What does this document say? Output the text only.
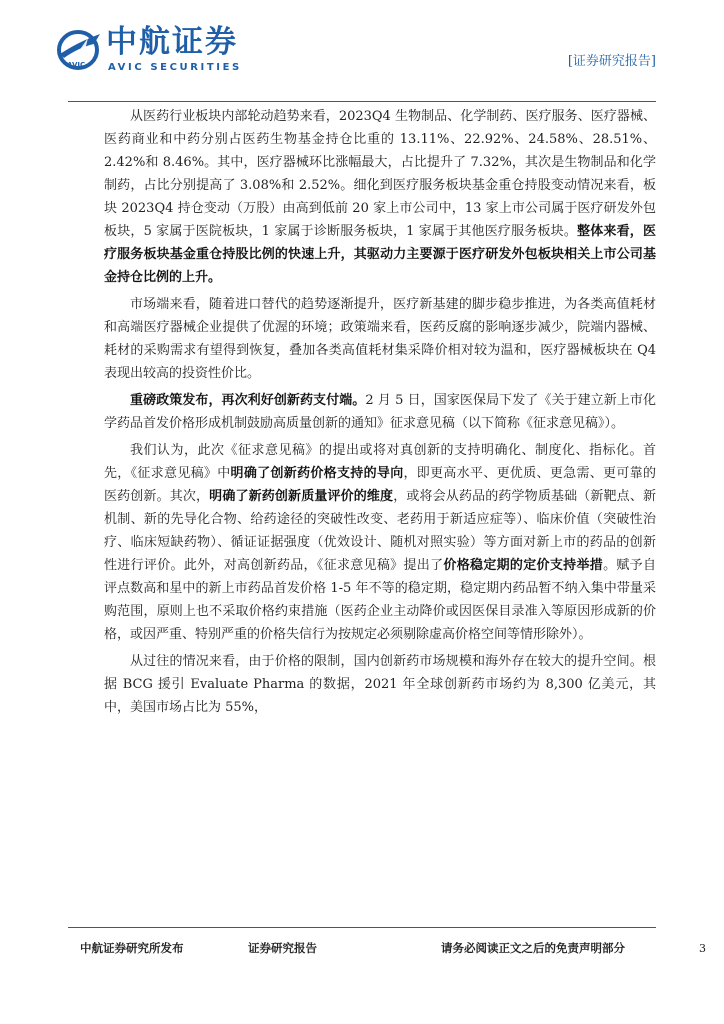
AVIC
中航证券
AVIC SECURITIES	[证券研究报告]

从医药行业板块内部轮动趋势来看，2023Q4 生物制品、化学制药、医疗服务、医疗器械、医药商业和中药分别占医药生物基金持仓比重的 13.11%、22.92%、24.58%、28.51%、2.42%和 8.46%。其中，医疗器械环比涨幅最大，占比提升了 7.32%，其次是生物制品和化学制药，占比分别提高了 3.08%和 2.52%。细化到医疗服务板块基金重仓持股变动情况来看，板块 2023Q4 持仓变动（万股）由高到低前 20 家上市公司中，13 家上市公司属于医疗研发外包板块，5 家属于医院板块，1 家属于诊断服务板块，1 家属于其他医疗服务板块。整体来看，医疗服务板块基金重仓持股比例的快速上升，其驱动力主要源于医疗研发外包板块相关上市公司基金持仓比例的上升。

市场端来看，随着进口替代的趋势逐渐提升，医疗新基建的脚步稳步推进，为各类高值耗材和高端医疗器械企业提供了优渥的环境；政策端来看，医药反腐的影响逐步减少，院端内器械、耗材的采购需求有望得到恢复，叠加各类高值耗材集采降价相对较为温和，医疗器械板块在 Q4 表现出较高的投资性价比。

重磅政策发布，再次利好创新药支付端。2 月 5 日，国家医保局下发了《关于建立新上市化学药品首发价格形成机制鼓励高质量创新的通知》征求意见稿（以下简称《征求意见稿》）。

我们认为，此次《征求意见稿》的提出或将对真创新的支持明确化、制度化、指标化。首先，《征求意见稿》中明确了创新药价格支持的导向，即更高水平、更优质、更急需、更可靠的医药创新。其次，明确了新药创新质量评价的维度，或将会从药品的药学物质基础（新靶点、新机制、新的先导化合物、给药途径的突破性改变、老药用于新适应症等）、临床价值（突破性治疗、临床短缺药物）、循证证据强度（优效设计、随机对照实验）等方面对新上市的药品的创新性进行评价。此外，对高创新药品，《征求意见稿》提出了价格稳定期的定价支持举措。赋予自评点数高和星中的新上市药品首发价格 1-5 年不等的稳定期，稳定期内药品暂不纳入集中带量采购范围，原则上也不采取价格约束措施（医药企业主动降价或因医保目录准入等原因形成新的价格，或因严重、特别严重的价格失信行为按规定必须剔除虚高价格空间等情形除外）。

从过往的情况来看，由于价格的限制，国内创新药市场规模和海外存在较大的提升空间。根据 BCG 援引 Evaluate Pharma 的数据，2021 年全球创新药市场约为 8,300 亿美元，其中，美国市场占比为 55%，

中航证券研究所发布	证券研究报告	请务必阅读正文之后的免责声明部分	3
